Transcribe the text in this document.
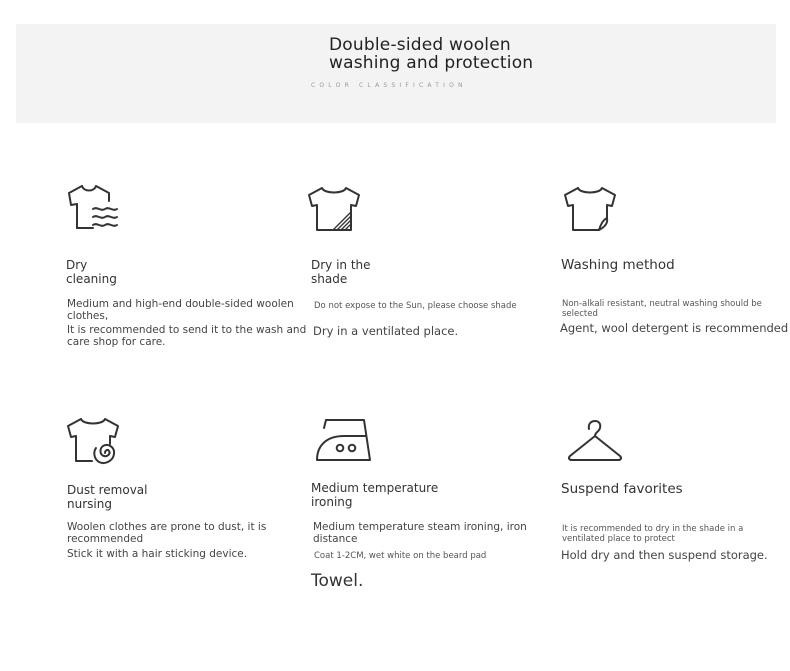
Double-sided woolen
washing and protection
COLOR CLASSIFICATION
Dry
cleaning
Medium and high-end double-sided woolen clothes,
It is recommended to send it to the wash and care shop for care.
Dry in the
shade
Do not expose to the Sun, please choose shade
Dry in a ventilated place.
Washing method
Non-alkali resistant, neutral washing should be selected
Agent, wool detergent is recommended
Dust removal
nursing
Woolen clothes are prone to dust, it is recommended
Stick it with a hair sticking device.
Medium temperature
ironing
Medium temperature steam ironing, iron distance
Coat 1-2CM, wet white on the beard pad
Towel.
Suspend favorites
It is recommended to dry in the shade in a ventilated place to protect
Hold dry and then suspend storage.
